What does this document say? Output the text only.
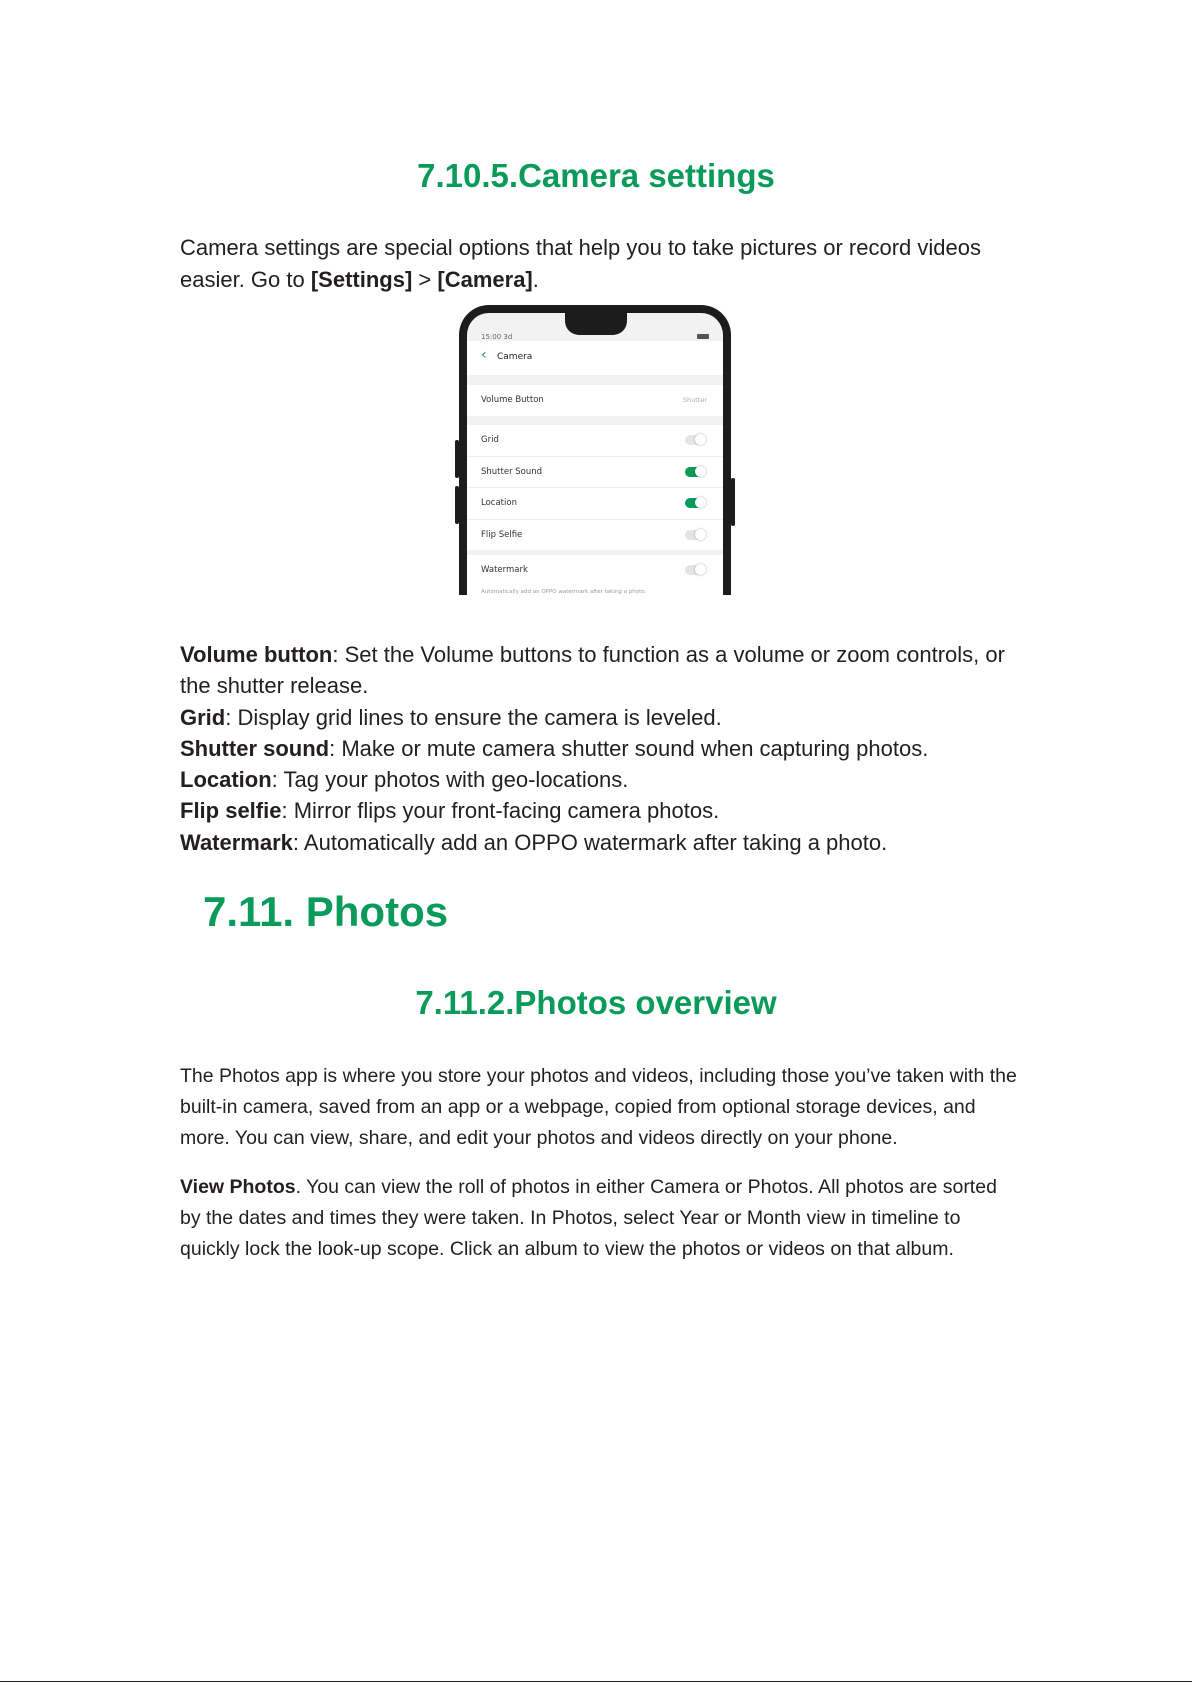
7.10.5.Camera settings

Camera settings are special options that help you to take pictures or record videos easier. Go to [Settings] > [Camera].

15:00 3d
‹ Camera
Volume Button	Shutter
Grid
Shutter Sound
Location
Flip Selfie
Watermark
Automatically add an OPPO watermark after taking a photo.
Volume button: Set the Volume buttons to function as a volume or zoom controls, or the shutter release.
Grid: Display grid lines to ensure the camera is leveled.
Shutter sound: Make or mute camera shutter sound when capturing photos.
Location: Tag your photos with geo-locations.
Flip selfie: Mirror flips your front-facing camera photos.
Watermark: Automatically add an OPPO watermark after taking a photo.
7.11. Photos
7.11.2.Photos overview

The Photos app is where you store your photos and videos, including those you’ve taken with the built-in camera, saved from an app or a webpage, copied from optional storage devices, and more. You can view, share, and edit your photos and videos directly on your phone.

View Photos. You can view the roll of photos in either Camera or Photos. All photos are sorted by the dates and times they were taken. In Photos, select Year or Month view in timeline to quickly lock the look-up scope. Click an album to view the photos or videos on that album.
